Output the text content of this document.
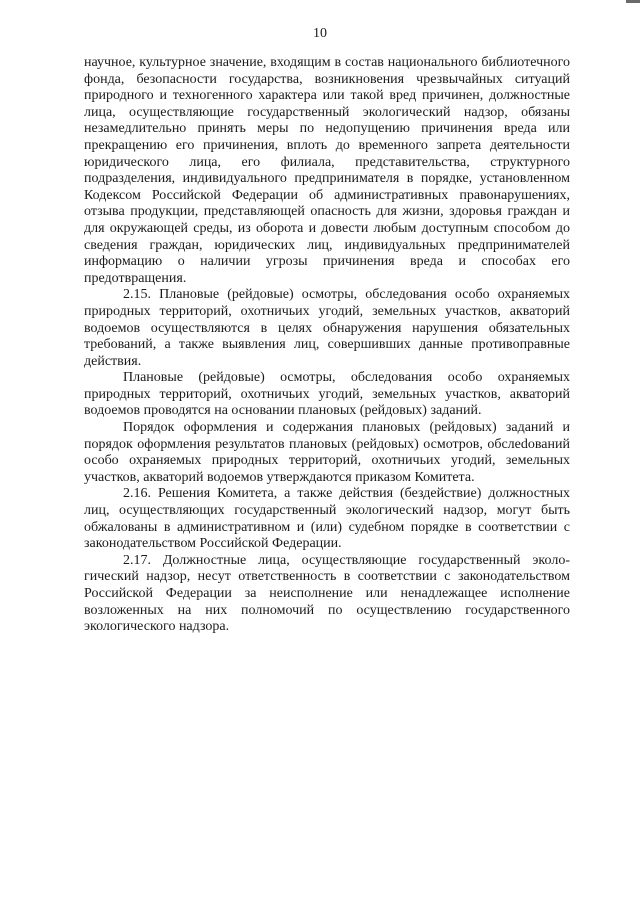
10

научное, культурное значение, входящим в состав национального библиотечного фонда, безопасности государства, возникновения чрезвычайных ситуаций природного и техногенного характера или такой вред причинен, должностные лица, осуществляющие государственный экологический надзор, обязаны незамедлительно принять меры по недопущению причинения вреда или прекращению его причинения, вплоть до временного запрета деятельности юридического лица, его филиала, представительства, структурного подразделения, индивидуального предпринимателя в порядке, установленном Кодексом Российской Федерации об административных правонарушениях, отзыва продукции, представляющей опасность для жизни, здоровья граждан и для окружающей среды, из оборота и довести любым доступным способом до сведения граждан, юридических лиц, индивидуальных предпринимателей информацию о наличии угрозы причинения вреда и способах его предотвращения.

2.15. Плановые (рейдовые) осмотры, обследования особо охраняемых природных территорий, охотничьих угодий, земельных участков, акваторий водоемов осуществляются в целях обнаружения нарушения обязательных требований, а также выявления лиц, совершивших данные противоправные действия.

Плановые (рейдовые) осмотры, обследования особо охраняемых природных территорий, охотничьих угодий, земельных участков, акваторий водоемов проводятся на основании плановых (рейдовых) заданий.

Порядок оформления и содержания плановых (рейдовых) заданий и порядок оформления результатов плановых (рейдовых) осмотров, обслеdований особо охраняемых природных территорий, охотничьих угодий, земельных участков, акваторий водоемов утверждаются приказом Комитета.

2.16. Решения Комитета, а также действия (бездействие) должностных лиц, осуществляющих государственный экологический надзор, могут быть обжалованы в административном и (или) судебном порядке в соответствии с законодательством Российской Федерации.

2.17. Должностные лица, осуществляющие государственный экологический надзор, несут ответственность в соответствии с законодательством Российской Федерации за неисполнение или ненадлежащее исполнение возложенных на них полномочий по осуществлению государственного экологического надзора.
